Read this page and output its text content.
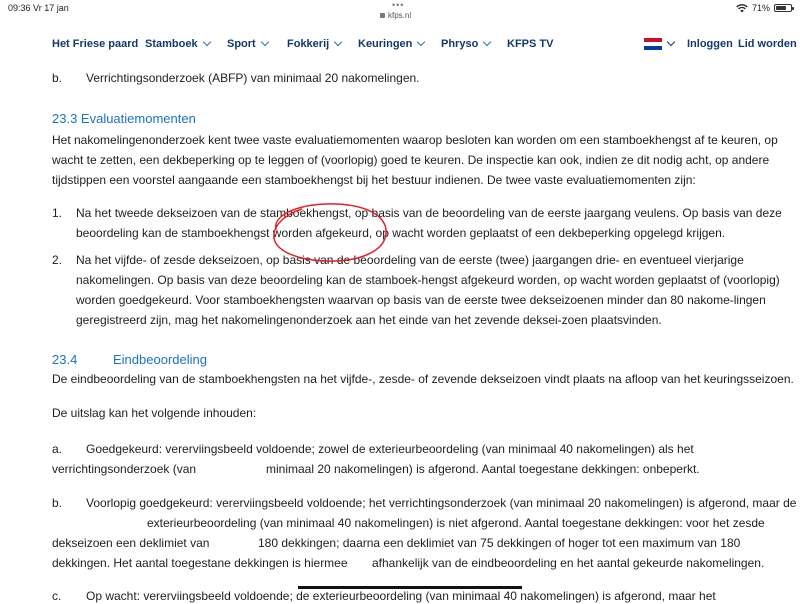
09:36 Vr 17 jan	•••
kfps.nl
71%
Het Friese paard Stamboek	Sport	Fokkerij	Keuringen	Phryso	KFPS TV	Inloggen Lid worden
b. Verrichtingsonderzoek (ABFP) van minimaal 20 nakomelingen.
23.3 Evaluatiemomenten
Het nakomelingenonderzoek kent twee vaste evaluatiemomenten waarop besloten kan worden om een stamboekhengst af te keuren, op
wacht te zetten, een dekbeperking op te leggen of (voorlopig) goed te keuren. De inspectie kan ook, indien ze dit nodig acht, op andere
tijdstippen een voorstel aangaande een stamboekhengst bij het bestuur indienen. De twee vaste evaluatiemomenten zijn:
1. Na het tweede dekseizoen van de stamboekhengst, op basis van de beoordeling van de eerste jaargang veulens. Op basis van deze
beoordeling kan de stamboekhengst worden afgekeurd, op wacht worden geplaatst of een dekbeperking opgelegd krijgen.
2. Na het vijfde- of zesde dekseizoen, op basis van de beoordeling van de eerste (twee) jaargangen drie- en eventueel vierjarige
nakomelingen. Op basis van deze beoordeling kan de stamboek-hengst afgekeurd worden, op wacht worden geplaatst of (voorlopig)
worden goedgekeurd. Voor stamboekhengsten waarvan op basis van de eerste twee dekseizoenen minder dan 80 nakome-lingen
geregistreerd zijn, mag het nakomelingenonderzoek aan het einde van het zevende deksei-zoen plaatsvinden.
23.4	Eindbeoordeling
De eindbeoordeling van de stamboekhengsten na het vijfde-, zesde- of zevende dekseizoen vindt plaats na afloop van het keuringsseizoen.
De uitslag kan het volgende inhouden:
a. Goedgekeurd: vererviingsbeeld voldoende; zowel de exterieurbeoordeling (van minimaal 40 nakomelingen) als het
verrichtingsonderzoek (van	minimaal 20 nakomelingen) is afgerond. Aantal toegestane dekkingen: onbeperkt.
b. Voorlopig goedgekeurd: vererviingsbeeld voldoende; het verrichtingsonderzoek (van minimaal 20 nakomelingen) is afgerond, maar de
exterieurbeoordeling (van minimaal 40 nakomelingen) is niet afgerond. Aantal toegestane dekkingen: voor het zesde
dekseizoen een deklimiet van	180 dekkingen; daarna een deklimiet van 75 dekkingen of hoger tot een maximum van 180
dekkingen. Het aantal toegestane dekkingen is hiermee afhankelijk van de eindbeoordeling en het aantal gekeurde nakomelingen.
c. Op wacht: vererviingsbeeld voldoende; de exterieurbeoordeling (van minimaal 40 nakomelingen) is afgerond, maar het
